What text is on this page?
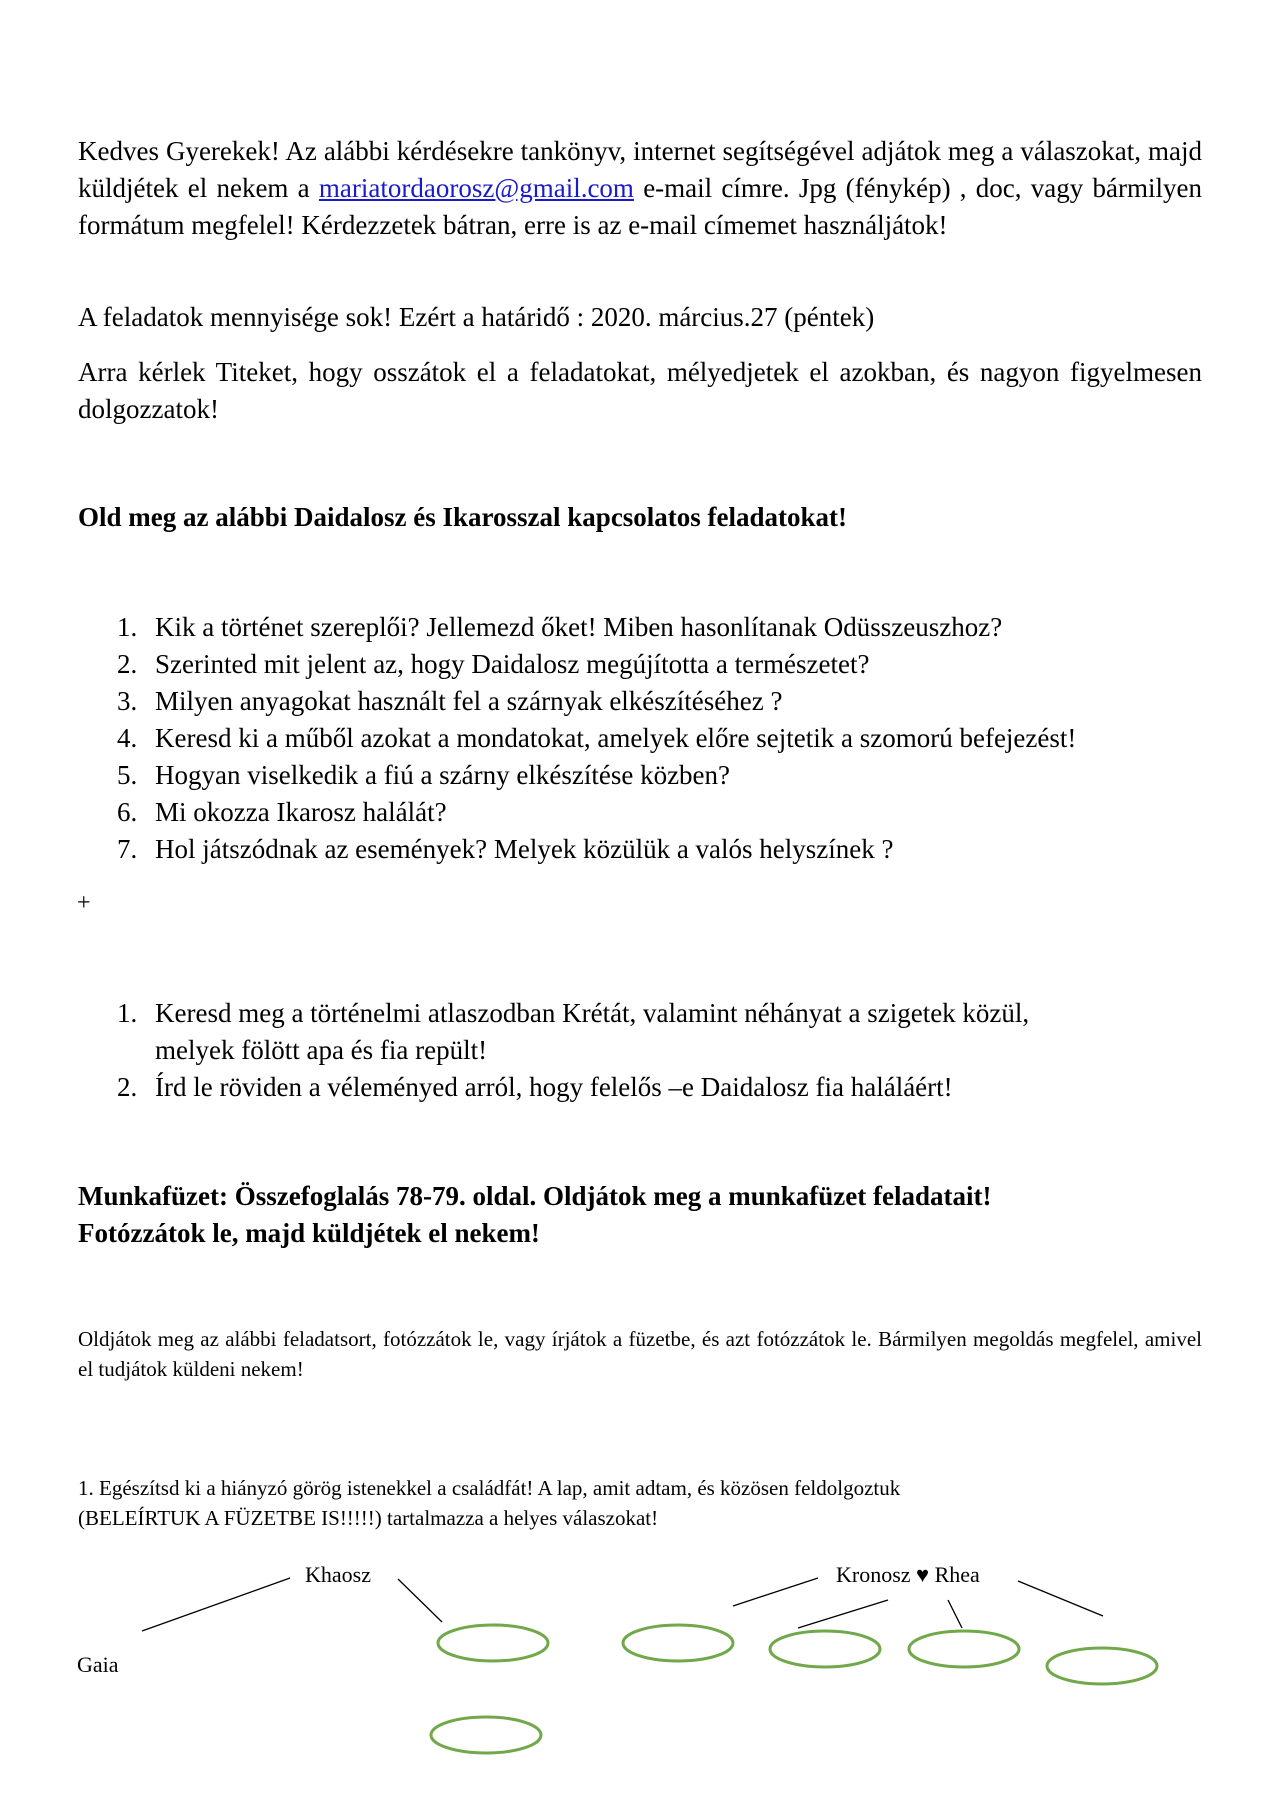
Kedves Gyerekek! Az alábbi kérdésekre tankönyv, internet segítségével adjátok meg a válaszokat, majd küldjétek el nekem a mariatordaorosz@gmail.com e-mail címre. Jpg (fénykép) , doc, vagy bármilyen formátum megfelel! Kérdezzetek bátran, erre is az e-mail címemet használjátok!

A feladatok mennyisége sok! Ezért a határidő : 2020. március.27 (péntek)

Arra kérlek Titeket, hogy osszátok el a feladatokat, mélyedjetek el azokban, és nagyon figyelmesen dolgozzatok!

Old meg az alábbi Daidalosz és Ikarosszal kapcsolatos feladatokat!

1. Kik a történet szereplői? Jellemezd őket! Miben hasonlítanak Odüsszeuszhoz?
2. Szerinted mit jelent az, hogy Daidalosz megújította a természetet?
3. Milyen anyagokat használt fel a szárnyak elkészítéséhez ?
4. Keresd ki a műből azokat a mondatokat, amelyek előre sejtetik a szomorú befejezést!
5. Hogyan viselkedik a fiú a szárny elkészítése közben?
6. Mi okozza Ikarosz halálát?
7. Hol játszódnak az események? Melyek közülük a valós helyszínek ?
+
1. Keresd meg a történelmi atlaszodban Krétát, valamint néhányat a szigetek közül,
melyek fölött apa és fia repült!
2. Írd le röviden a véleményed arról, hogy felelős –e Daidalosz fia haláláért!

Munkafüzet: Összefoglalás 78-79. oldal. Oldjátok meg a munkafüzet feladatait!

Fotózzátok le, majd küldjétek el nekem!

Oldjátok meg az alábbi feladatsort, fotózzátok le, vagy írjátok a füzetbe, és azt fotózzátok le. Bármilyen megoldás megfelel, amivel el tudjátok küldeni nekem!

1. Egészítsd ki a hiányzó görög istenekkel a családfát! A lap, amit adtam, és közösen feldolgoztuk

(BELEÍRTUK A FÜZETBE IS!!!!!) tartalmazza a helyes válaszokat!

Khaosz	Kronosz ♥ Rhea
Gaia
